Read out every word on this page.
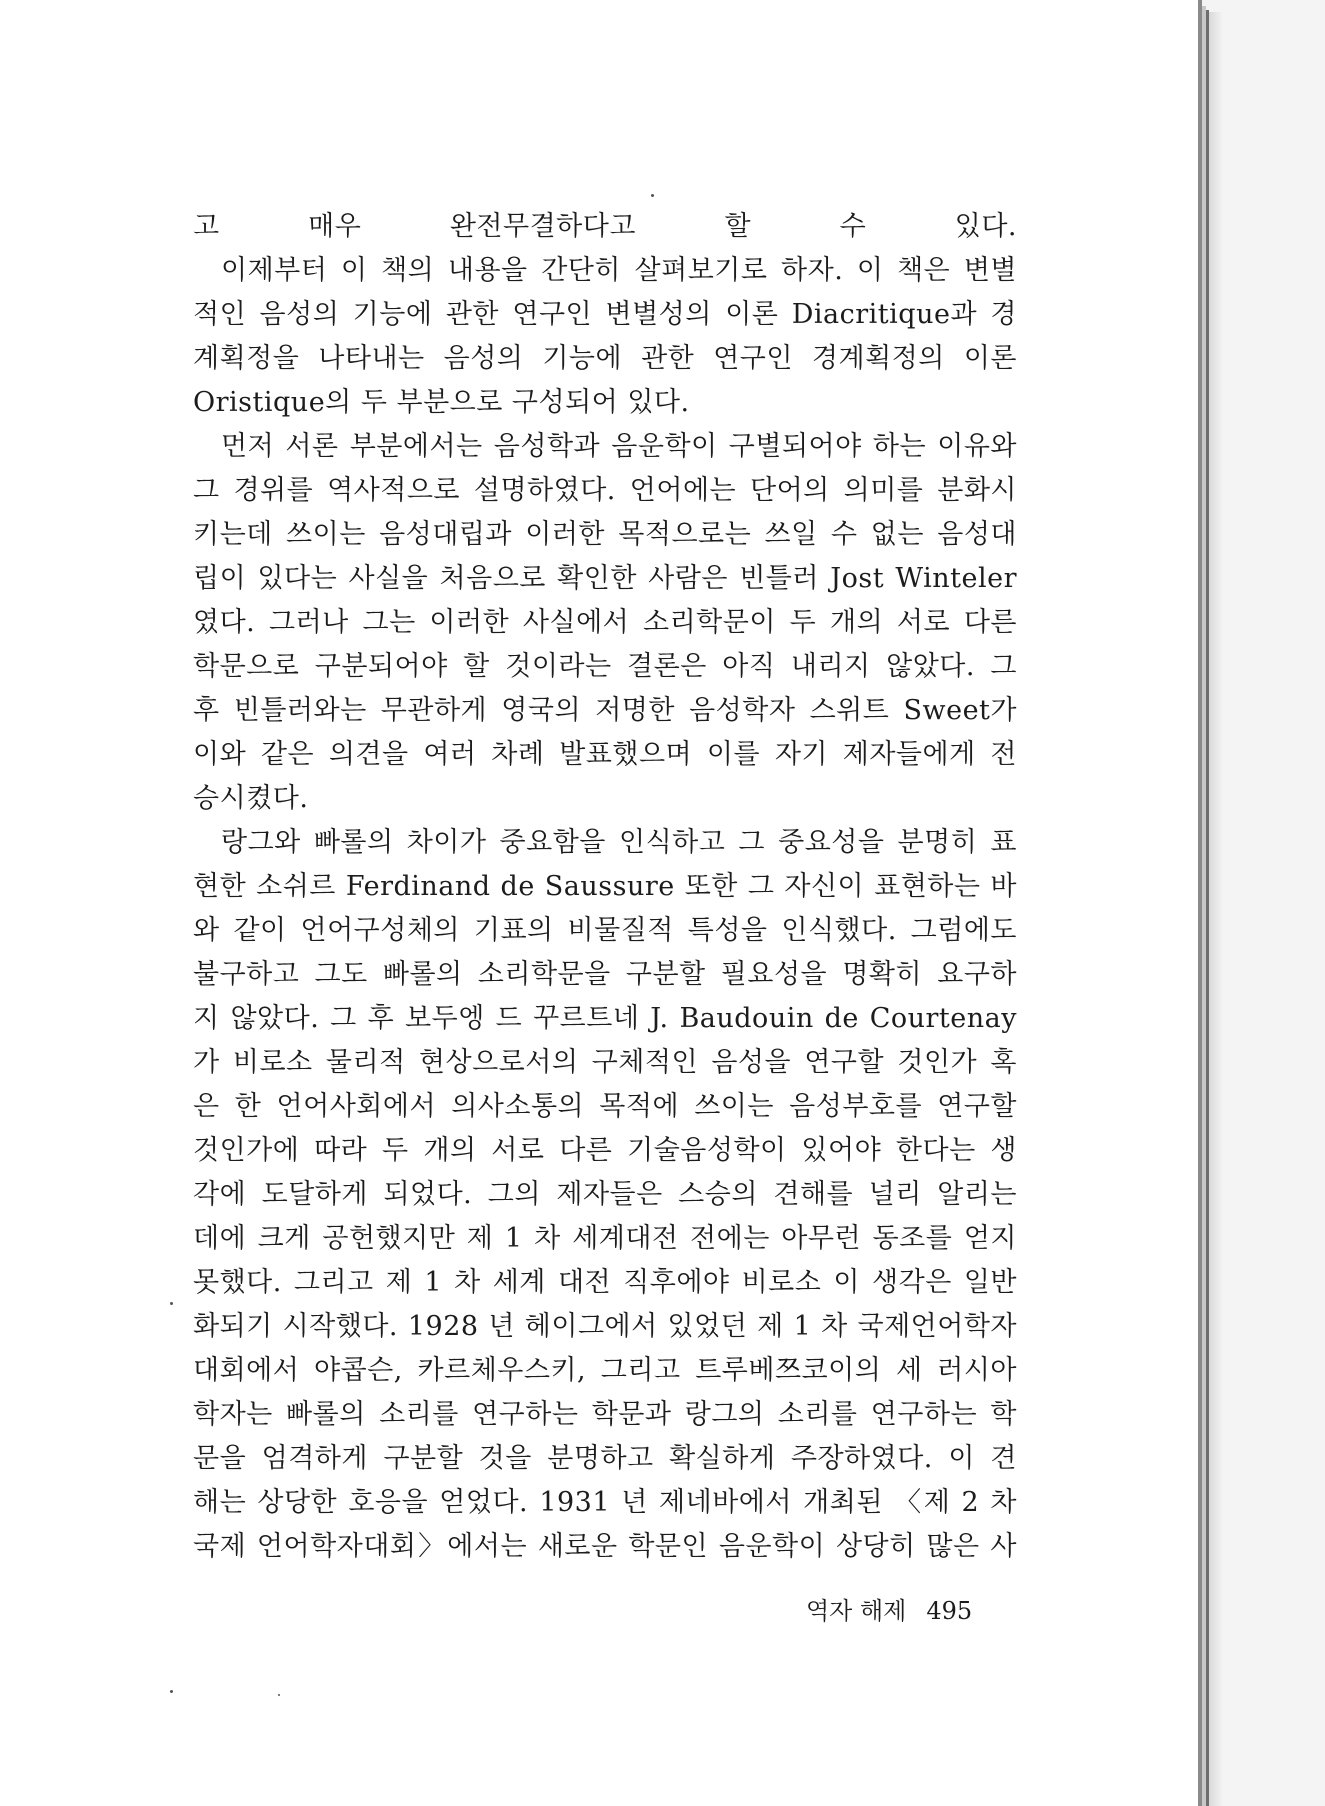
고 매우 완전무결하다고 할 수 있다.
이제부터 이 책의 내용을 간단히 살펴보기로 하자. 이 책은 변별
적인 음성의 기능에 관한 연구인 변별성의 이론 Diacritique과 경
계획정을 나타내는 음성의 기능에 관한 연구인 경계획정의 이론
Oristique의 두 부분으로 구성되어 있다.
먼저 서론 부분에서는 음성학과 음운학이 구별되어야 하는 이유와
그 경위를 역사적으로 설명하였다. 언어에는 단어의 의미를 분화시
키는데 쓰이는 음성대립과 이러한 목적으로는 쓰일 수 없는 음성대
립이 있다는 사실을 처음으로 확인한 사람은 빈틀러 Jost Winteler
였다. 그러나 그는 이러한 사실에서 소리학문이 두 개의 서로 다른
학문으로 구분되어야 할 것이라는 결론은 아직 내리지 않았다. 그
후 빈틀러와는 무관하게 영국의 저명한 음성학자 스위트 Sweet가
이와 같은 의견을 여러 차례 발표했으며 이를 자기 제자들에게 전
승시켰다.
랑그와 빠롤의 차이가 중요함을 인식하고 그 중요성을 분명히 표
현한 소쉬르 Ferdinand de Saussure 또한 그 자신이 표현하는 바
와 같이 언어구성체의 기표의 비물질적 특성을 인식했다. 그럼에도
불구하고 그도 빠롤의 소리학문을 구분할 필요성을 명확히 요구하
지 않았다. 그 후 보두엥 드 꾸르트네 J. Baudouin de Courtenay
가 비로소 물리적 현상으로서의 구체적인 음성을 연구할 것인가 혹
은 한 언어사회에서 의사소통의 목적에 쓰이는 음성부호를 연구할
것인가에 따라 두 개의 서로 다른 기술음성학이 있어야 한다는 생
각에 도달하게 되었다. 그의 제자들은 스승의 견해를 널리 알리는
데에 크게 공헌했지만 제 1 차 세계대전 전에는 아무런 동조를 얻지
못했다. 그리고 제 1 차 세계 대전 직후에야 비로소 이 생각은 일반
화되기 시작했다. 1928 년 헤이그에서 있었던 제 1 차 국제언어학자
대회에서 야콥슨, 카르체우스키, 그리고 트루베쯔코이의 세 러시아
학자는 빠롤의 소리를 연구하는 학문과 랑그의 소리를 연구하는 학
문을 엄격하게 구분할 것을 분명하고 확실하게 주장하였다. 이 견
해는 상당한 호응을 얻었다. 1931 년 제네바에서 개최된 〈제 2 차
국제 언어학자대회〉에서는 새로운 학문인 음운학이 상당히 많은 사
역자 해제 495
